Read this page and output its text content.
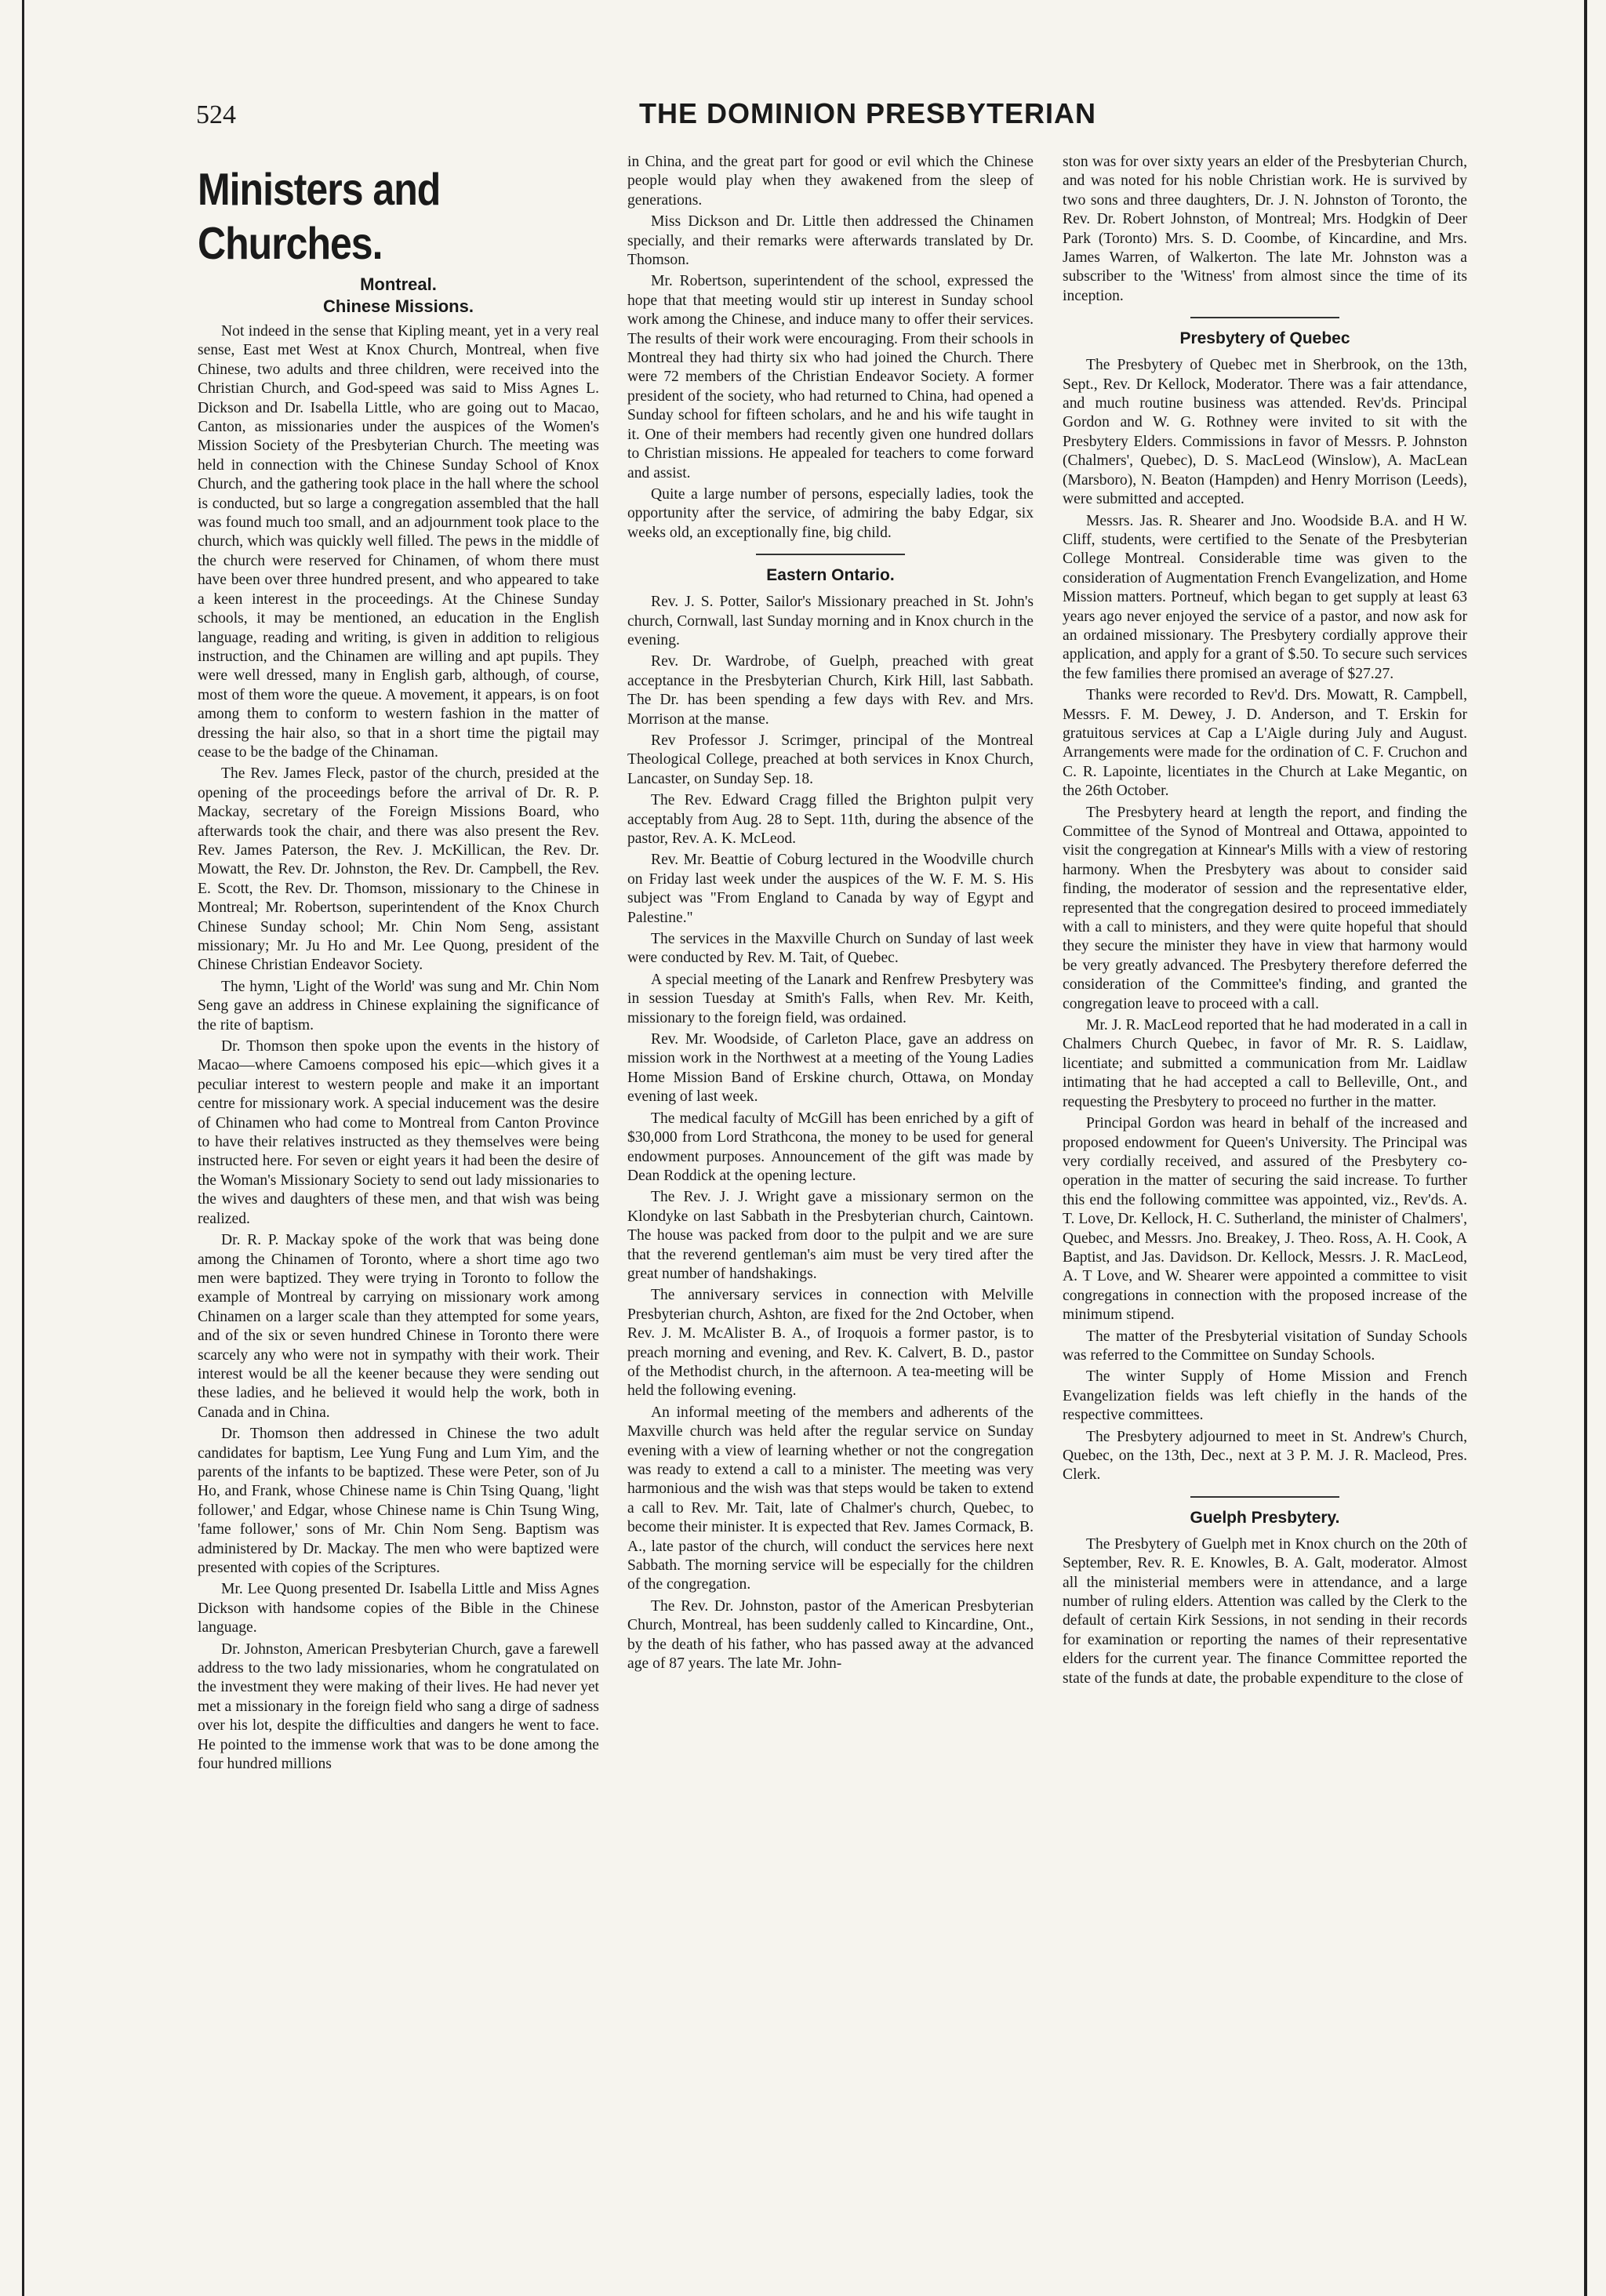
524	THE DOMINION PRESBYTERIAN
Ministers and Churches.
Montreal.
Chinese Missions.

Not indeed in the sense that Kipling meant, yet in a very real sense, East met West at Knox Church, Montreal, when five Chinese, two adults and three children, were received into the Christian Church, and God-speed was said to Miss Agnes L. Dickson and Dr. Isabella Little, who are going out to Macao, Canton, as missionaries under the auspices of the Women's Mission Society of the Presbyterian Church. The meeting was held in connection with the Chinese Sunday School of Knox Church, and the gathering took place in the hall where the school is conducted, but so large a congregation assembled that the hall was found much too small, and an adjournment took place to the church, which was quickly well filled. The pews in the middle of the church were reserved for Chinamen, of whom there must have been over three hundred present, and who appeared to take a keen interest in the proceedings. At the Chinese Sunday schools, it may be mentioned, an education in the English language, reading and writing, is given in addition to religious instruction, and the Chinamen are willing and apt pupils. They were well dressed, many in English garb, although, of course, most of them wore the queue. A movement, it appears, is on foot among them to conform to western fashion in the matter of dressing the hair also, so that in a short time the pigtail may cease to be the badge of the Chinaman.

The Rev. James Fleck, pastor of the church, presided at the opening of the proceedings before the arrival of Dr. R. P. Mackay, secretary of the Foreign Missions Board, who afterwards took the chair, and there was also present the Rev. Rev. James Paterson, the Rev. J. McKillican, the Rev. Dr. Mowatt, the Rev. Dr. Johnston, the Rev. Dr. Campbell, the Rev. E. Scott, the Rev. Dr. Thomson, missionary to the Chinese in Montreal; Mr. Robertson, superintendent of the Knox Church Chinese Sunday school; Mr. Chin Nom Seng, assistant missionary; Mr. Ju Ho and Mr. Lee Quong, president of the Chinese Christian Endeavor Society.

The hymn, 'Light of the World' was sung and Mr. Chin Nom Seng gave an address in Chinese explaining the significance of the rite of baptism.

Dr. Thomson then spoke upon the events in the history of Macao—where Camoens composed his epic—which gives it a peculiar interest to western people and make it an important centre for missionary work. A special inducement was the desire of Chinamen who had come to Montreal from Canton Province to have their relatives instructed as they themselves were being instructed here. For seven or eight years it had been the desire of the Woman's Missionary Society to send out lady missionaries to the wives and daughters of these men, and that wish was being realized.

Dr. R. P. Mackay spoke of the work that was being done among the Chinamen of Toronto, where a short time ago two men were baptized. They were trying in Toronto to follow the example of Montreal by carrying on missionary work among Chinamen on a larger scale than they attempted for some years, and of the six or seven hundred Chinese in Toronto there were scarcely any who were not in sympathy with their work. Their interest would be all the keener because they were sending out these ladies, and he believed it would help the work, both in Canada and in China.

Dr. Thomson then addressed in Chinese the two adult candidates for baptism, Lee Yung Fung and Lum Yim, and the parents of the infants to be baptized. These were Peter, son of Ju Ho, and Frank, whose Chinese name is Chin Tsing Quang, 'light follower,' and Edgar, whose Chinese name is Chin Tsung Wing, 'fame follower,' sons of Mr. Chin Nom Seng. Baptism was administered by Dr. Mackay. The men who were baptized were presented with copies of the Scriptures.

Mr. Lee Quong presented Dr. Isabella Little and Miss Agnes Dickson with handsome copies of the Bible in the Chinese language.

Dr. Johnston, American Presbyterian Church, gave a farewell address to the two lady missionaries, whom he congratulated on the investment they were making of their lives. He had never yet met a missionary in the foreign field who sang a dirge of sadness over his lot, despite the difficulties and dangers he went to face. He pointed to the immense work that was to be done among the four hundred millions

in China, and the great part for good or evil which the Chinese people would play when they awakened from the sleep of generations.

Miss Dickson and Dr. Little then addressed the Chinamen specially, and their remarks were afterwards translated by Dr. Thomson.

Mr. Robertson, superintendent of the school, expressed the hope that that meeting would stir up interest in Sunday school work among the Chinese, and induce many to offer their services. The results of their work were encouraging. From their schools in Montreal they had thirty six who had joined the Church. There were 72 members of the Christian Endeavor Society. A former president of the society, who had returned to China, had opened a Sunday school for fifteen scholars, and he and his wife taught in it. One of their members had recently given one hundred dollars to Christian missions. He appealed for teachers to come forward and assist.

Quite a large number of persons, especially ladies, took the opportunity after the service, of admiring the baby Edgar, six weeks old, an exceptionally fine, big child.

Eastern Ontario.

Rev. J. S. Potter, Sailor's Missionary preached in St. John's church, Cornwall, last Sunday morning and in Knox church in the evening.

Rev. Dr. Wardrobe, of Guelph, preached with great acceptance in the Presbyterian Church, Kirk Hill, last Sabbath. The Dr. has been spending a few days with Rev. and Mrs. Morrison at the manse.

Rev Professor J. Scrimger, principal of the Montreal Theological College, preached at both services in Knox Church, Lancaster, on Sunday Sep. 18.

The Rev. Edward Cragg filled the Brighton pulpit very acceptably from Aug. 28 to Sept. 11th, during the absence of the pastor, Rev. A. K. McLeod.

Rev. Mr. Beattie of Coburg lectured in the Woodville church on Friday last week under the auspices of the W. F. M. S. His subject was "From England to Canada by way of Egypt and Palestine."

The services in the Maxville Church on Sunday of last week were conducted by Rev. M. Tait, of Quebec.

A special meeting of the Lanark and Renfrew Presbytery was in session Tuesday at Smith's Falls, when Rev. Mr. Keith, missionary to the foreign field, was ordained.

Rev. Mr. Woodside, of Carleton Place, gave an address on mission work in the Northwest at a meeting of the Young Ladies Home Mission Band of Erskine church, Ottawa, on Monday evening of last week.

The medical faculty of McGill has been enriched by a gift of $30,000 from Lord Strathcona, the money to be used for general endowment purposes. Announcement of the gift was made by Dean Roddick at the opening lecture.

The Rev. J. J. Wright gave a missionary sermon on the Klondyke on last Sabbath in the Presbyterian church, Caintown. The house was packed from door to the pulpit and we are sure that the reverend gentleman's aim must be very tired after the great number of handshakings.

The anniversary services in connection with Melville Presbyterian church, Ashton, are fixed for the 2nd October, when Rev. J. M. McAlister B. A., of Iroquois a former pastor, is to preach morning and evening, and Rev. K. Calvert, B. D., pastor of the Methodist church, in the afternoon. A tea-meeting will be held the following evening.

An informal meeting of the members and adherents of the Maxville church was held after the regular service on Sunday evening with a view of learning whether or not the congregation was ready to extend a call to a minister. The meeting was very harmonious and the wish was that steps would be taken to extend a call to Rev. Mr. Tait, late of Chalmer's church, Quebec, to become their minister. It is expected that Rev. James Cormack, B. A., late pastor of the church, will conduct the services here next Sabbath. The morning service will be especially for the children of the congregation.

The Rev. Dr. Johnston, pastor of the American Presbyterian Church, Montreal, has been suddenly called to Kincardine, Ont., by the death of his father, who has passed away at the advanced age of 87 years. The late Mr. John-

ston was for over sixty years an elder of the Presbyterian Church, and was noted for his noble Christian work. He is survived by two sons and three daughters, Dr. J. N. Johnston of Toronto, the Rev. Dr. Robert Johnston, of Montreal; Mrs. Hodgkin of Deer Park (Toronto) Mrs. S. D. Coombe, of Kincardine, and Mrs. James Warren, of Walkerton. The late Mr. Johnston was a subscriber to the 'Witness' from almost since the time of its inception.

Presbytery of Quebec

The Presbytery of Quebec met in Sherbrook, on the 13th, Sept., Rev. Dr Kellock, Moderator. There was a fair attendance, and much routine business was attended. Rev'ds. Principal Gordon and W. G. Rothney were invited to sit with the Presbytery Elders. Commissions in favor of Messrs. P. Johnston (Chalmers', Quebec), D. S. MacLeod (Winslow), A. MacLean (Marsboro), N. Beaton (Hampden) and Henry Morrison (Leeds), were submitted and accepted.

Messrs. Jas. R. Shearer and Jno. Woodside B.A. and H W. Cliff, students, were certified to the Senate of the Presbyterian College Montreal. Considerable time was given to the consideration of Augmentation French Evangelization, and Home Mission matters. Portneuf, which began to get supply at least 63 years ago never enjoyed the service of a pastor, and now ask for an ordained missionary. The Presbytery cordially approve their application, and apply for a grant of $.50. To secure such services the few families there promised an average of $27.27.

Thanks were recorded to Rev'd. Drs. Mowatt, R. Campbell, Messrs. F. M. Dewey, J. D. Anderson, and T. Erskin for gratuitous services at Cap a L'Aigle during July and August. Arrangements were made for the ordination of C. F. Cruchon and C. R. Lapointe, licentiates in the Church at Lake Megantic, on the 26th October.

The Presbytery heard at length the report, and finding the Committee of the Synod of Montreal and Ottawa, appointed to visit the congregation at Kinnear's Mills with a view of restoring harmony. When the Presbytery was about to consider said finding, the moderator of session and the representative elder, represented that the congregation desired to proceed immediately with a call to ministers, and they were quite hopeful that should they secure the minister they have in view that harmony would be very greatly advanced. The Presbytery therefore deferred the consideration of the Committee's finding, and granted the congregation leave to proceed with a call.

Mr. J. R. MacLeod reported that he had moderated in a call in Chalmers Church Quebec, in favor of Mr. R. S. Laidlaw, licentiate; and submitted a communication from Mr. Laidlaw intimating that he had accepted a call to Belleville, Ont., and requesting the Presbytery to proceed no further in the matter.

Principal Gordon was heard in behalf of the increased and proposed endowment for Queen's University. The Principal was very cordially received, and assured of the Presbytery co-operation in the matter of securing the said increase. To further this end the following committee was appointed, viz., Rev'ds. A. T. Love, Dr. Kellock, H. C. Sutherland, the minister of Chalmers', Quebec, and Messrs. Jno. Breakey, J. Theo. Ross, A. H. Cook, A Baptist, and Jas. Davidson. Dr. Kellock, Messrs. J. R. MacLeod, A. T Love, and W. Shearer were appointed a committee to visit congregations in connection with the proposed increase of the minimum stipend.

The matter of the Presbyterial visitation of Sunday Schools was referred to the Committee on Sunday Schools.

The winter Supply of Home Mission and French Evangelization fields was left chiefly in the hands of the respective committees.

The Presbytery adjourned to meet in St. Andrew's Church, Quebec, on the 13th, Dec., next at 3 P. M. J. R. Macleod, Pres. Clerk.

Guelph Presbytery.

The Presbytery of Guelph met in Knox church on the 20th of September, Rev. R. E. Knowles, B. A. Galt, moderator. Almost all the ministerial members were in attendance, and a large number of ruling elders. Attention was called by the Clerk to the default of certain Kirk Sessions, in not sending in their records for examination or reporting the names of their representative elders for the current year. The finance Committee reported the state of the funds at date, the probable expenditure to the close of
